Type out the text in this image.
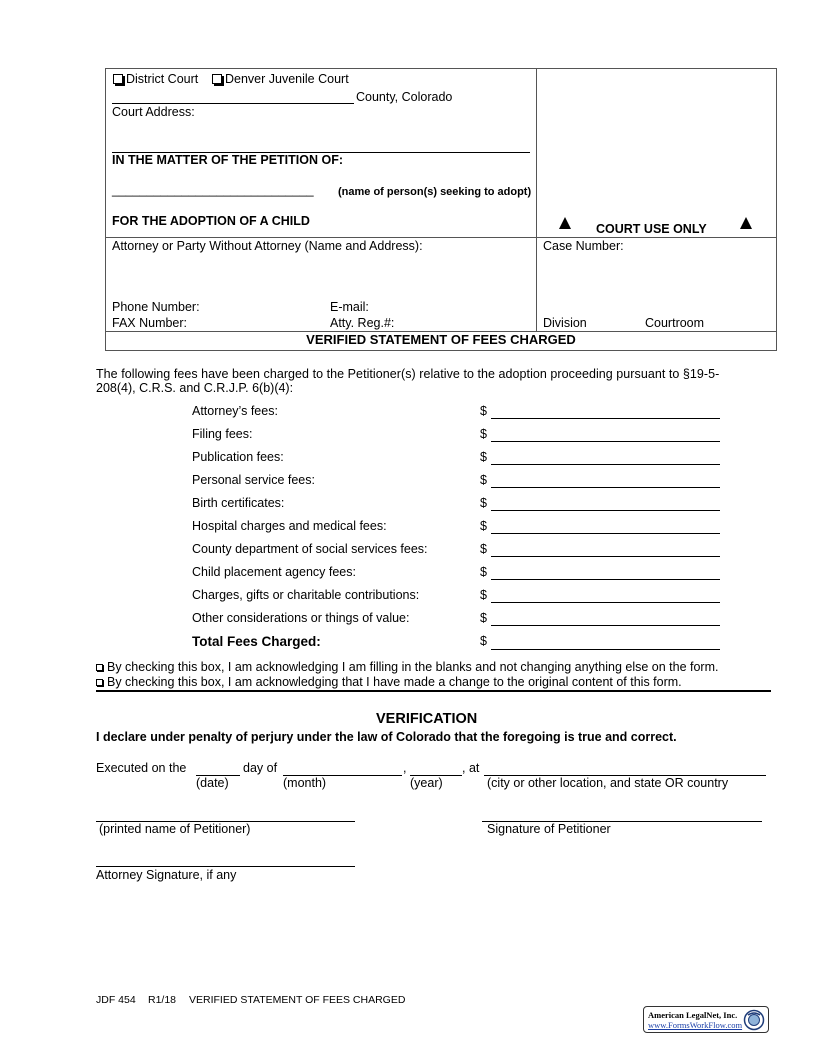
District Court	Denver Juvenile Court
County, Colorado
Court Address:
IN THE MATTER OF THE PETITION OF:
_____________________________ (name of person(s) seeking to adopt)
FOR THE ADOPTION OF A CHILD
COURT USE ONLY
Attorney or Party Without Attorney (Name and Address):	Case Number:
Phone Number:	E-mail:
FAX Number:	Atty. Reg.#:	Division	Courtroom
VERIFIED STATEMENT OF FEES CHARGED
The following fees have been charged to the Petitioner(s) relative to the adoption proceeding pursuant to §19-5-
208(4), C.R.S. and C.R.J.P. 6(b)(4):
Attorney’s fees:	$
Filing fees:	$
Publication fees:	$
Personal service fees:	$
Birth certificates:	$
Hospital charges and medical fees:	$
County department of social services fees:	$
Child placement agency fees:	$
Charges, gifts or charitable contributions:	$
Other considerations or things of value:	$
Total Fees Charged:	$
By checking this box, I am acknowledging I am filling in the blanks and not changing anything else on the form.
By checking this box, I am acknowledging that I have made a change to the original content of this form.
VERIFICATION
I declare under penalty of perjury under the law of Colorado that the foregoing is true and correct.
Executed on the	day of	,	, at
(date)	(month)	(year)	(city or other location, and state OR country
(printed name of Petitioner)	Signature of Petitioner
Attorney Signature, if any
JDF 454 R1/18 VERIFIED STATEMENT OF FEES CHARGED
American LegalNet, Inc.
www.FormsWorkFlow.com
